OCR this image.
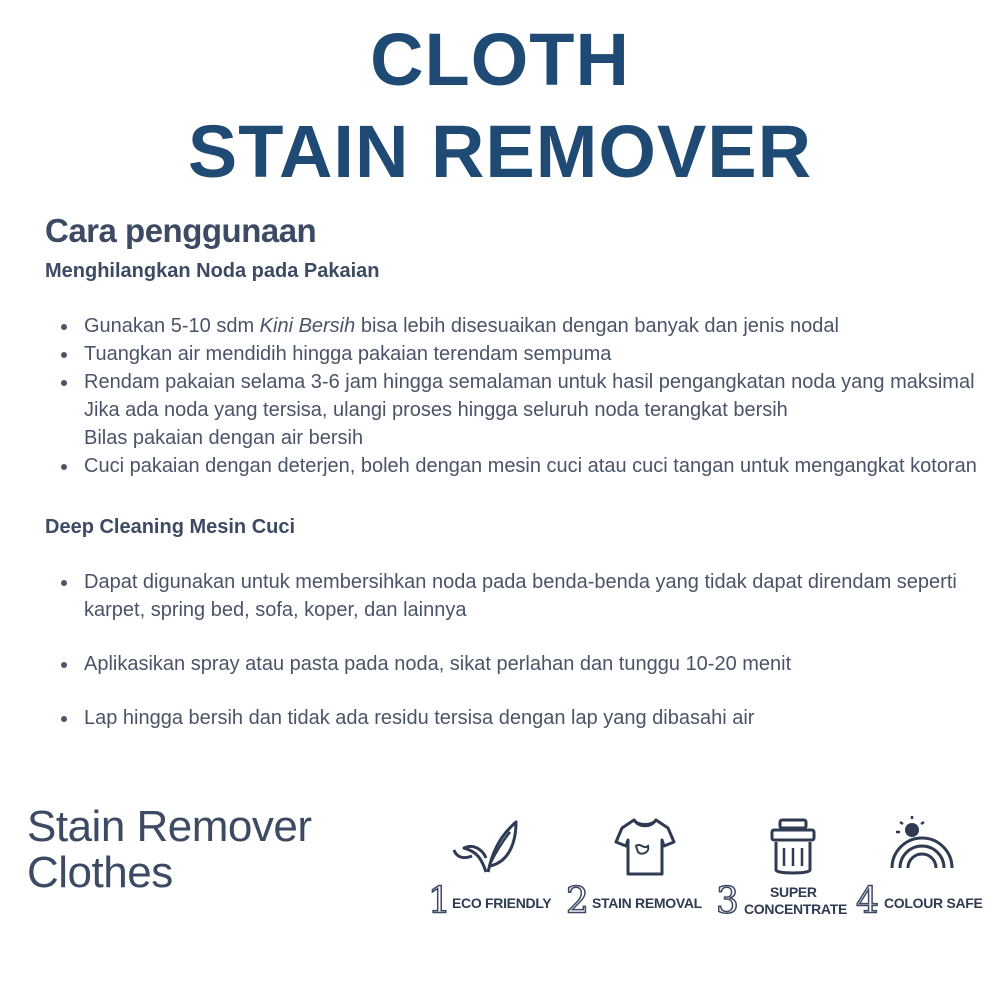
CLOTH
STAIN REMOVER
Cara penggunaan
Menghilangkan Noda pada Pakaian
Gunakan 5-10 sdm Kini Bersih bisa lebih disesuaikan dengan banyak dan jenis nodal
Tuangkan air mendidih hingga pakaian terendam sempuma
Rendam pakaian selama 3-6 jam hingga semalaman untuk hasil pengangkatan noda yang maksimal
Jika ada noda yang tersisa, ulangi proses hingga seluruh noda terangkat bersih
Bilas pakaian dengan air bersih
Cuci pakaian dengan deterjen, boleh dengan mesin cuci atau cuci tangan untuk mengangkat kotoran
Deep Cleaning Mesin Cuci
Dapat digunakan untuk membersihkan noda pada benda-benda yang tidak dapat direndam seperti karpet, spring bed, sofa, koper, dan lainnya
Aplikasikan spray atau pasta pada noda, sikat perlahan dan tunggu 10-20 menit
Lap hingga bersih dan tidak ada residu tersisa dengan lap yang dibasahi air
Stain Remover
Clothes
1 ECO FRIENDLY 2 STAIN REMOVAL 3 SUPER
CONCENTRATE 4 COLOUR SAFE
